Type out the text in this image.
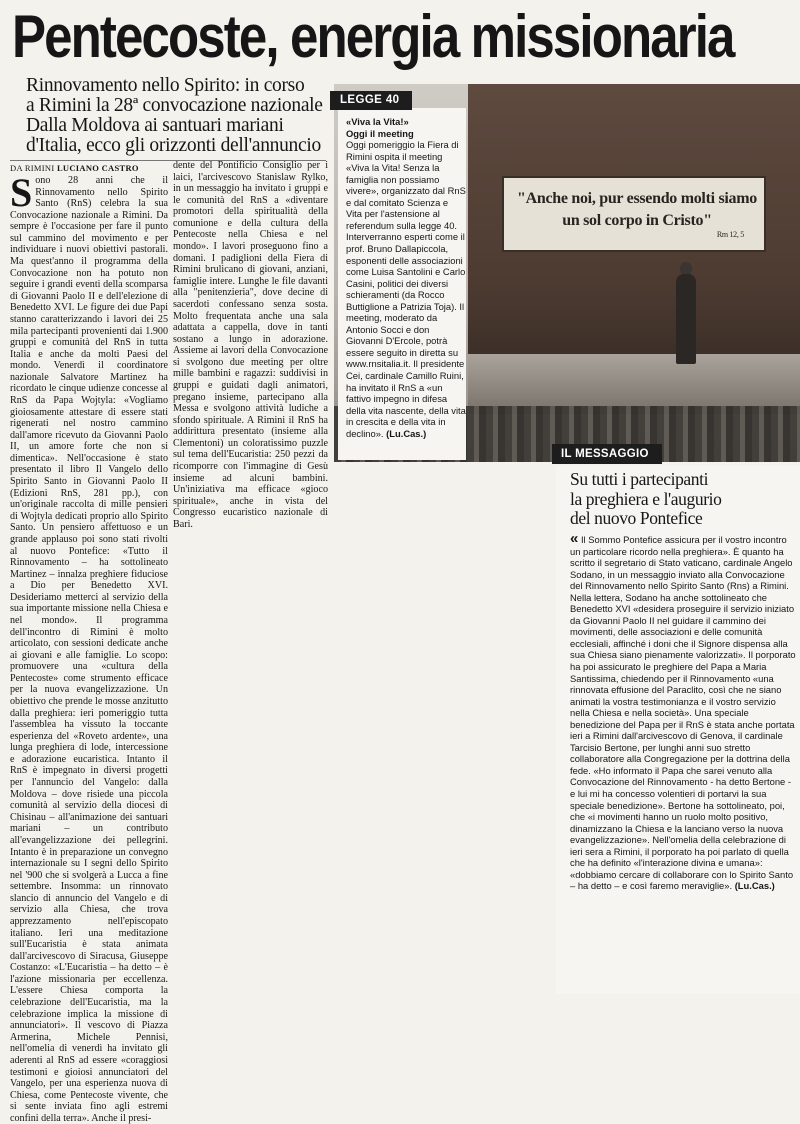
Pentecoste, energia missionaria
Rinnovamento nello Spirito: in corso
a Rimini la 28ª convocazione nazionale
Dalla Moldova ai santuari mariani
d'Italia, ecco gli orizzonti dell'annuncio
DA RIMINI LUCIANO CASTRO
S ono 28 anni che il Rinnovamento nello Spirito Santo (RnS) celebra la sua Convocazione nazionale a Rimini. Da sempre è l'occasione per fare il punto sul cammino del movimento e per individuare i nuovi obiettivi pastorali. Ma quest'anno il programma della Convocazione non ha potuto non seguire i grandi eventi della scomparsa di Giovanni Paolo II e dell'elezione di Benedetto XVI. Le figure dei due Papi stanno caratterizzando i lavori dei 25 mila partecipanti provenienti dai 1.900 gruppi e comunità del RnS in tutta Italia e anche da molti Paesi del mondo. Venerdì il coordinatore nazionale Salvatore Martinez ha ricordato le cinque udienze concesse al RnS da Papa Wojtyla: «Vogliamo gioiosamente attestare di essere stati rigenerati nel nostro cammino dall'amore ricevuto da Giovanni Paolo II, un amore forte che non si dimentica». Nell'occasione è stato presentato il libro Il Vangelo dello Spirito Santo in Giovanni Paolo II (Edizioni RnS, 281 pp.), con un'originale raccolta di mille pensieri di Wojtyla dedicati proprio allo Spirito Santo. Un pensiero affettuoso e un grande applauso poi sono stati rivolti al nuovo Pontefice: «Tutto il Rinnovamento – ha sottolineato Martinez – innalza preghiere fiduciose a Dio per Benedetto XVI. Desideriamo metterci al servizio della sua importante missione nella Chiesa e nel mondo». Il programma dell'incontro di Rimini è molto articolato, con sessioni dedicate anche ai giovani e alle famiglie. Lo scopo: promuovere una «cultura della Pentecoste» come strumento efficace per la nuova evangelizzazione. Un obiettivo che prende le mosse anzitutto dalla preghiera: ieri pomeriggio tutta l'assemblea ha vissuto la toccante esperienza del «Roveto ardente», una lunga preghiera di lode, intercessione e adorazione eucaristica. Intanto il RnS è impegnato in diversi progetti per l'annuncio del Vangelo: dalla Moldova – dove risiede una piccola comunità al servizio della diocesi di Chisinau – all'animazione dei santuari mariani – un contributo all'evangelizzazione dei pellegrini. Intanto è in preparazione un convegno internazionale su I segni dello Spirito nel '900 che si svolgerà a Lucca a fine settembre. Insomma: un rinnovato slancio di annuncio del Vangelo e di servizio alla Chiesa, che trova apprezzamento nell'episcopato italiano. Ieri una meditazione sull'Eucaristia è stata animata dall'arcivescovo di Siracusa, Giuseppe Costanzo: «L'Eucaristia – ha detto – è l'azione missionaria per eccellenza. L'essere Chiesa comporta la celebrazione dell'Eucaristia, ma la celebrazione implica la missione di annunciatori». Il vescovo di Piazza Armerina, Michele Pennisi, nell'omelia di venerdì ha invitato gli aderenti al RnS ad essere «coraggiosi testimoni e gioiosi annunciatori del Vangelo, per una esperienza nuova di Chiesa, come Pentecoste vivente, che si sente inviata fino agli estremi confini della terra». Anche il presi-

dente del Pontificio Consiglio per i laici, l'arcivescovo Stanislaw Rylko, in un messaggio ha invitato i gruppi e le comunità del RnS a «diventare promotori della spiritualità della comunione e della cultura della Pentecoste nella Chiesa e nel mondo». I lavori proseguono fino a domani. I padiglioni della Fiera di Rimini brulicano di giovani, anziani, famiglie intere. Lunghe le file davanti alla "penitenzieria", dove decine di sacerdoti confessano senza sosta. Molto frequentata anche una sala adattata a cappella, dove in tanti sostano a lungo in adorazione. Assieme ai lavori della Convocazione si svolgono due meeting per oltre mille bambini e ragazzi: suddivisi in gruppi e guidati dagli animatori, pregano insieme, partecipano alla Messa e svolgono attività ludiche a sfondo spirituale. A Rimini il RnS ha addirittura presentato (insieme alla Clementoni) un coloratissimo puzzle sul tema dell'Eucaristia: 250 pezzi da ricomporre con l'immagine di Gesù insieme ad alcuni bambini. Un'iniziativa ma efficace «gioco spirituale», anche in vista del Congresso eucaristico nazionale di Bari.

"Anche noi, pur essendo molti siamo un sol corpo in Cristo"
Rm 12, 5
LEGGE 40
«Viva la Vita!»
Oggi il meeting
Oggi pomeriggio la Fiera di Rimini ospita il meeting «Viva la Vita! Senza la famiglia non possiamo vivere», organizzato dal RnS e dal comitato Scienza e Vita per l'astensione al referendum sulla legge 40. Interverranno esperti come il prof. Bruno Dallapiccola, esponenti delle associazioni come Luisa Santolini e Carlo Casini, politici dei diversi schieramenti (da Rocco Buttiglione a Patrizia Toja). Il meeting, moderato da Antonio Socci e don Giovanni D'Ercole, potrà essere seguito in diretta su www.rnsitalia.it. Il presidente Cei, cardinale Camillo Ruini, ha invitato il RnS a «un fattivo impegno in difesa della vita nascente, della vita in crescita e della vita in declino». (Lu.Cas.)
IL MESSAGGIO
Su tutti i partecipanti
la preghiera e l'augurio
del nuovo Pontefice
« Il Sommo Pontefice assicura per il vostro incontro un particolare ricordo nella preghiera». È quanto ha scritto il segretario di Stato vaticano, cardinale Angelo Sodano, in un messaggio inviato alla Convocazione del Rinnovamento nello Spirito Santo (Rns) a Rimini. Nella lettera, Sodano ha anche sottolineato che Benedetto XVI «desidera proseguire il servizio iniziato da Giovanni Paolo II nel guidare il cammino dei movimenti, delle associazioni e delle comunità ecclesiali, affinché i doni che il Signore dispensa alla sua Chiesa siano pienamente valorizzati». Il porporato ha poi assicurato le preghiere del Papa a Maria Santissima, chiedendo per il Rinnovamento «una rinnovata effusione del Paraclito, così che ne siano animati la vostra testimonianza e il vostro servizio nella Chiesa e nella società». Una speciale benedizione del Papa per il RnS è stata anche portata ieri a Rimini dall'arcivescovo di Genova, il cardinale Tarcisio Bertone, per lunghi anni suo stretto collaboratore alla Congregazione per la dottrina della fede. «Ho informato il Papa che sarei venuto alla Convocazione del Rinnovamento - ha detto Bertone - e lui mi ha concesso volentieri di portarvi la sua speciale benedizione». Bertone ha sottolineato, poi, che «i movimenti hanno un ruolo molto positivo, dinamizzano la Chiesa e la lanciano verso la nuova evangelizzazione». Nell'omelia della celebrazione di ieri sera a Rimini, il porporato ha poi parlato di quella che ha definito «l'interazione divina e umana»: «dobbiamo cercare di collaborare con lo Spirito Santo – ha detto – e così faremo meraviglie». (Lu.Cas.)
